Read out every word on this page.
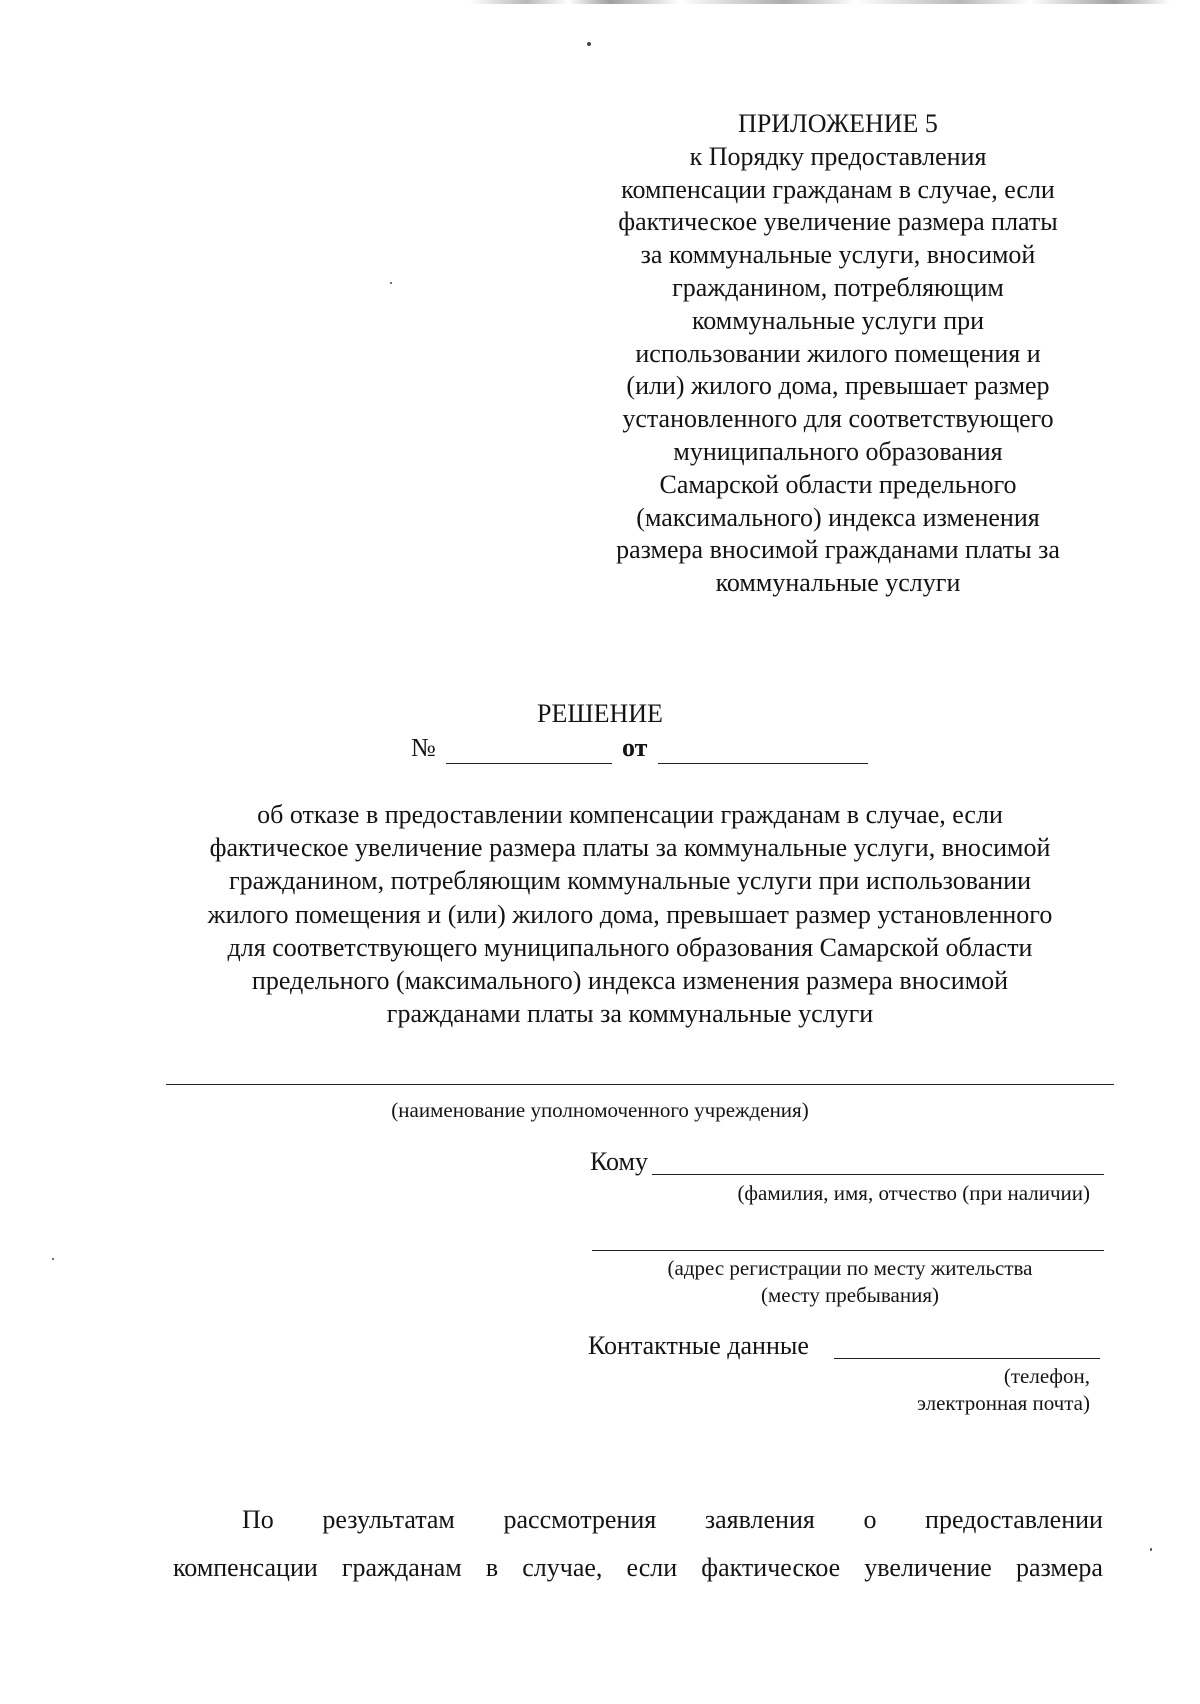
ПРИЛОЖЕНИЕ 5
к Порядку предоставления
компенсации гражданам в случае, если
фактическое увеличение размера платы
за коммунальные услуги, вносимой
гражданином, потребляющим
коммунальные услуги при
использовании жилого помещения и
(или) жилого дома, превышает размер
установленного для соответствующего
муниципального образования
Самарской области предельного
(максимального) индекса изменения
размера вносимой гражданами платы за
коммунальные услуги
РЕШЕНИЕ
№	от
об отказе в предоставлении компенсации гражданам в случае, если
фактическое увеличение размера платы за коммунальные услуги, вносимой
гражданином, потребляющим коммунальные услуги при использовании
жилого помещения и (или) жилого дома, превышает размер установленного
для соответствующего муниципального образования Самарской области
предельного (максимального) индекса изменения размера вносимой
гражданами платы за коммунальные услуги
(наименование уполномоченного учреждения)
Кому
(фамилия, имя, отчество (при наличии)
(адрес регистрации по месту жительства
(месту пребывания)
Контактные данные
(телефон,
электронная почта)
По результатам рассмотрения заявления о предоставлении
компенсации гражданам в случае, если фактическое увеличение размера
